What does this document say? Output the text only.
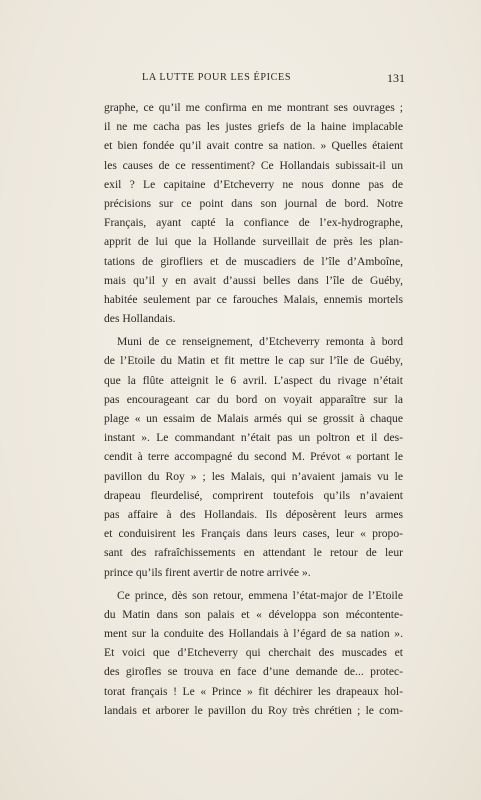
LA LUTTE POUR LES ÉPICES	131
graphe, ce qu’il me confirma en me montrant ses ouvrages ;
il ne me cacha pas les justes griefs de la haine implacable
et bien fondée qu’il avait contre sa nation. » Quelles étaient
les causes de ce ressentiment? Ce Hollandais subissait-il un
exil ? Le capitaine d’Etcheverry ne nous donne pas de
précisions sur ce point dans son journal de bord. Notre
Français, ayant capté la confiance de l’ex-hydrographe,
apprit de lui que la Hollande surveillait de près les plan-
tations de girofliers et de muscadiers de l’île d’Amboîne,
mais qu’il y en avait d’aussi belles dans l’île de Guéby,
habitée seulement par ce farouches Malais, ennemis mortels
des Hollandais.
Muni de ce renseignement, d’Etcheverry remonta à bord
de l’Etoile du Matin et fit mettre le cap sur l’île de Guéby,
que la flûte atteignit le 6 avril. L’aspect du rivage n’était
pas encourageant car du bord on voyait apparaître sur la
plage « un essaim de Malais armés qui se grossit à chaque
instant ». Le commandant n’était pas un poltron et il des-
cendit à terre accompagné du second M. Prévot « portant le
pavillon du Roy » ; les Malais, qui n’avaient jamais vu le
drapeau fleurdelisé, comprirent toutefois qu’ils n’avaient
pas affaire à des Hollandais. Ils déposèrent leurs armes
et conduisirent les Français dans leurs cases, leur « propo-
sant des rafraîchissements en attendant le retour de leur
prince qu’ils firent avertir de notre arrivée ».
Ce prince, dès son retour, emmena l’état-major de l’Etoile
du Matin dans son palais et « développa son mécontente-
ment sur la conduite des Hollandais à l’égard de sa nation ».
Et voici que d’Etcheverry qui cherchait des muscades et
des girofles se trouva en face d’une demande de... protec-
torat français ! Le « Prince » fit déchirer les drapeaux hol-
landais et arborer le pavillon du Roy très chrétien ; le com-
